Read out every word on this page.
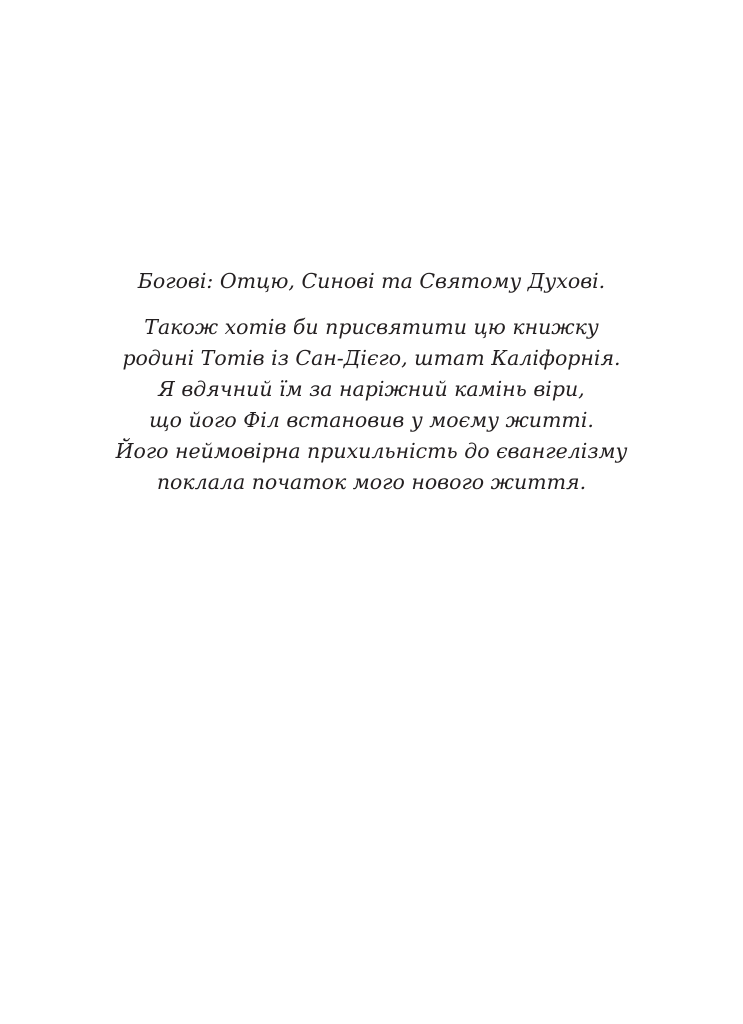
Богові: Отцю, Синові та Святому Духові.
Також хотів би присвятити цю книжку
родині Тотів із Сан-Дієго, штат Каліфорнія.
Я вдячний їм за наріжний камінь віри,
що його Філ встановив у моєму житті.
Його неймовірна прихильність до євангелізму
поклала початок мого нового життя.
